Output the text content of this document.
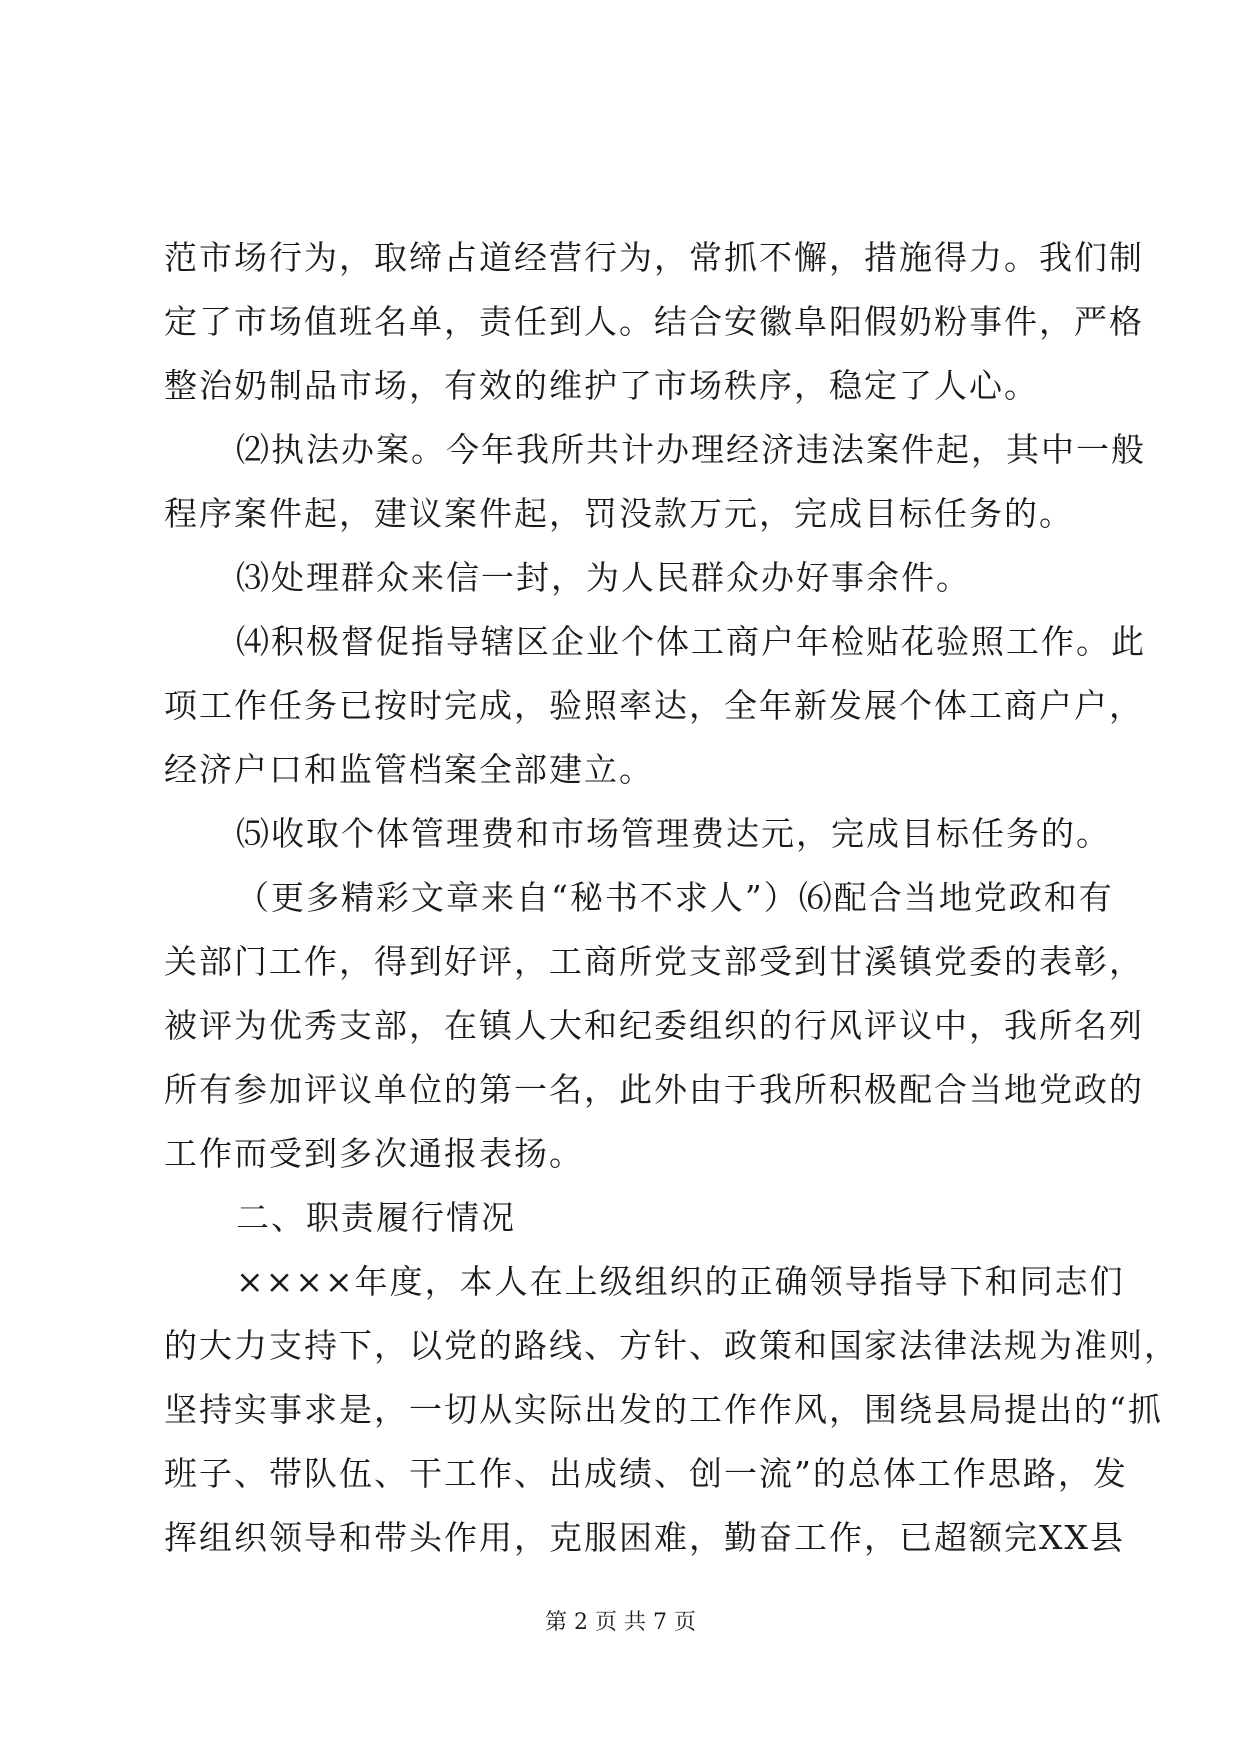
范市场行为，取缔占道经营行为，常抓不懈，措施得力。我们制
定了市场值班名单，责任到人。结合安徽阜阳假奶粉事件，严格
整治奶制品市场，有效的维护了市场秩序，稳定了人心。
⑵执法办案。今年我所共计办理经济违法案件起，其中一般
程序案件起，建议案件起，罚没款万元，完成目标任务的。
⑶处理群众来信一封，为人民群众办好事余件。
⑷积极督促指导辖区企业个体工商户年检贴花验照工作。此
项工作任务已按时完成，验照率达，全年新发展个体工商户户，
经济户口和监管档案全部建立。
⑸收取个体管理费和市场管理费达元，完成目标任务的。
（更多精彩文章来自“秘书不求人”）⑹配合当地党政和有
关部门工作，得到好评，工商所党支部受到甘溪镇党委的表彰，
被评为优秀支部，在镇人大和纪委组织的行风评议中，我所名列
所有参加评议单位的第一名，此外由于我所积极配合当地党政的
工作而受到多次通报表扬。
二、职责履行情况
××××年度，本人在上级组织的正确领导指导下和同志们
的大力支持下，以党的路线、方针、政策和国家法律法规为准则，
坚持实事求是，一切从实际出发的工作作风，围绕县局提出的“抓
班子、带队伍、干工作、出成绩、创一流”的总体工作思路，发
挥组织领导和带头作用，克服困难，勤奋工作，已超额完XX县
第 2 页 共 7 页
